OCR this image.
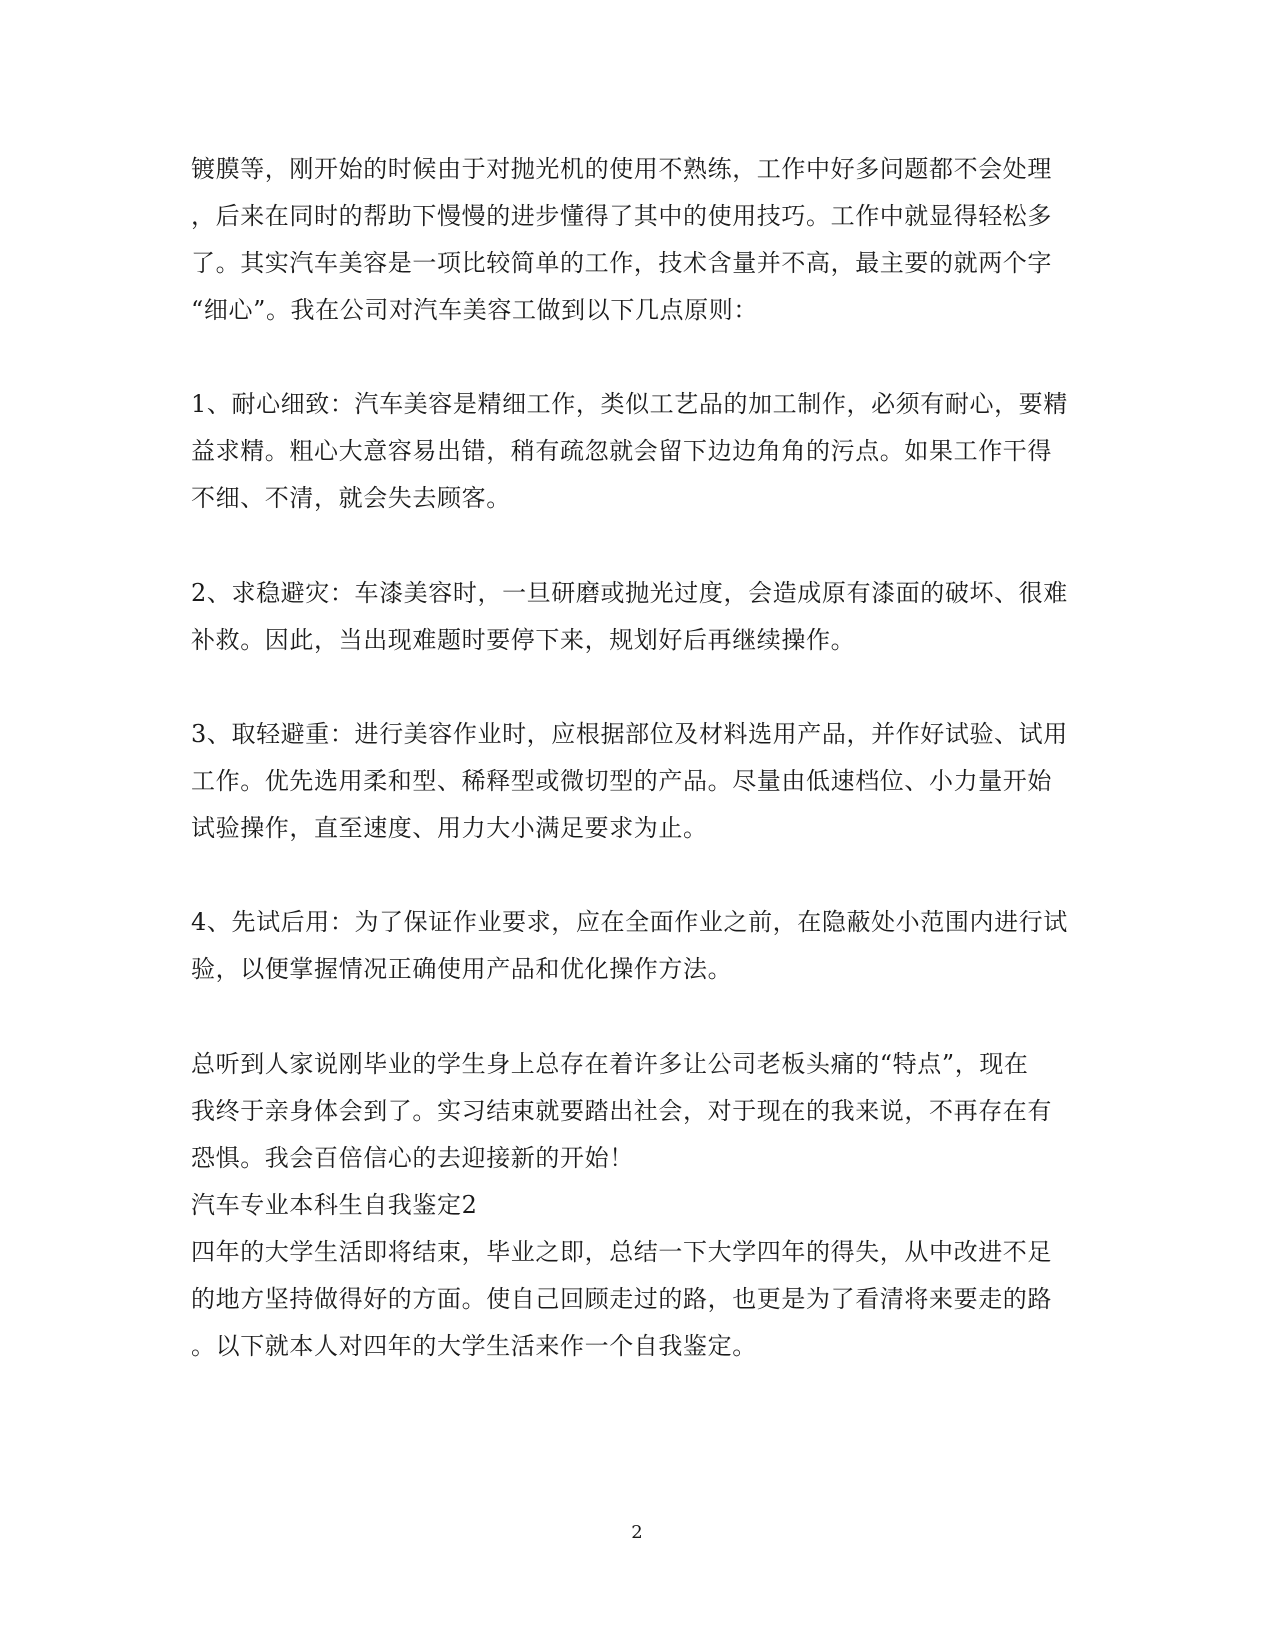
镀膜等，刚开始的时候由于对抛光机的使用不熟练，工作中好多问题都不会处理
，后来在同时的帮助下慢慢的进步懂得了其中的使用技巧。工作中就显得轻松多
了。其实汽车美容是一项比较简单的工作，技术含量并不高，最主要的就两个字
“细心”。我在公司对汽车美容工做到以下几点原则：
1、耐心细致：汽车美容是精细工作，类似工艺品的加工制作，必须有耐心，要精
益求精。粗心大意容易出错，稍有疏忽就会留下边边角角的污点。如果工作干得
不细、不清，就会失去顾客。
2、求稳避灾：车漆美容时，一旦研磨或抛光过度，会造成原有漆面的破坏、很难
补救。因此，当出现难题时要停下来，规划好后再继续操作。
3、取轻避重：进行美容作业时，应根据部位及材料选用产品，并作好试验、试用
工作。优先选用柔和型、稀释型或微切型的产品。尽量由低速档位、小力量开始
试验操作，直至速度、用力大小满足要求为止。
4、先试后用：为了保证作业要求，应在全面作业之前，在隐蔽处小范围内进行试
验，以便掌握情况正确使用产品和优化操作方法。
总听到人家说刚毕业的学生身上总存在着许多让公司老板头痛的“特点”，现在
我终于亲身体会到了。实习结束就要踏出社会，对于现在的我来说，不再存在有
恐惧。我会百倍信心的去迎接新的开始！
汽车专业本科生自我鉴定2
四年的大学生活即将结束，毕业之即，总结一下大学四年的得失，从中改进不足
的地方坚持做得好的方面。使自己回顾走过的路，也更是为了看清将来要走的路
。以下就本人对四年的大学生活来作一个自我鉴定。
2
